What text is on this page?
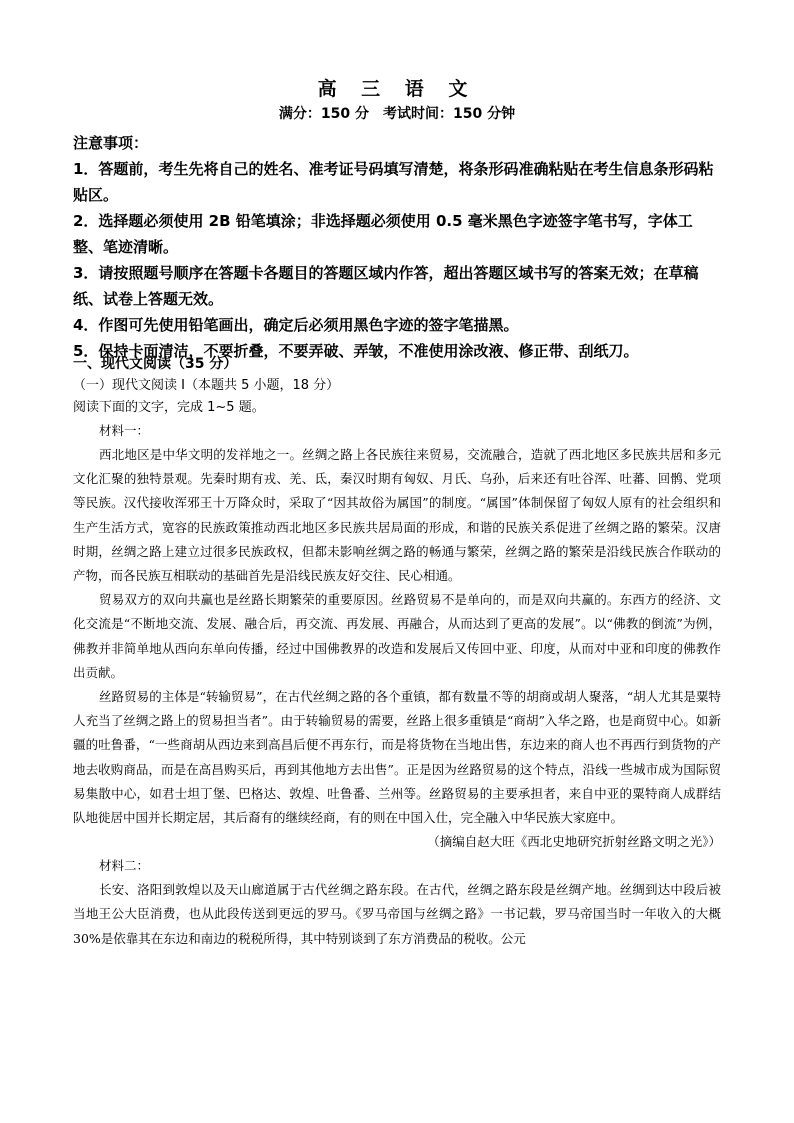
高 三 语 文
满分：150 分　考试时间：150 分钟

注意事项：

1．答题前，考生先将自己的姓名、准考证号码填写清楚，将条形码准确粘贴在考生信息条形码粘贴区。

2．选择题必须使用 2B 铅笔填涂；非选择题必须使用 0.5 毫米黑色字迹签字笔书写，字体工整、笔迹清晰。

3．请按照题号顺序在答题卡各题目的答题区域内作答，超出答题区域书写的答案无效；在草稿纸、试卷上答题无效。

4．作图可先使用铅笔画出，确定后必须用黑色字迹的签字笔描黑。

5．保持卡面清洁，不要折叠，不要弄破、弄皱，不准使用涂改液、修正带、刮纸刀。

一、现代文阅读（35 分）

（一）现代文阅读 I（本题共 5 小题，18 分）

阅读下面的文字，完成 1~5 题。

材料一：

西北地区是中华文明的发祥地之一。丝绸之路上各民族往来贸易，交流融合，造就了西北地区多民族共居和多元文化汇聚的独特景观。先秦时期有戎、羌、氐，秦汉时期有匈奴、月氏、乌孙，后来还有吐谷浑、吐蕃、回鹘、党项等民族。汉代接收浑邪王十万降众时，采取了“因其故俗为属国”的制度。“属国”体制保留了匈奴人原有的社会组织和生产生活方式，宽容的民族政策推动西北地区多民族共居局面的形成，和谐的民族关系促进了丝绸之路的繁荣。汉唐时期，丝绸之路上建立过很多民族政权，但都未影响丝绸之路的畅通与繁荣，丝绸之路的繁荣是沿线民族合作联动的产物，而各民族互相联动的基础首先是沿线民族友好交往、民心相通。

贸易双方的双向共赢也是丝路长期繁荣的重要原因。丝路贸易不是单向的，而是双向共赢的。东西方的经济、文化交流是“不断地交流、发展、融合后，再交流、再发展、再融合，从而达到了更高的发展”。以“佛教的倒流”为例，佛教并非简单地从西向东单向传播，经过中国佛教界的改造和发展后又传回中亚、印度，从而对中亚和印度的佛教作出贡献。

丝路贸易的主体是“转输贸易”，在古代丝绸之路的各个重镇，都有数量不等的胡商或胡人聚落，“胡人尤其是粟特人充当了丝绸之路上的贸易担当者”。由于转输贸易的需要，丝路上很多重镇是“商胡”入华之路，也是商贸中心。如新疆的吐鲁番，“一些商胡从西边来到高昌后便不再东行，而是将货物在当地出售，东边来的商人也不再西行到货物的产地去收购商品，而是在高昌购买后，再到其他地方去出售”。正是因为丝路贸易的这个特点，沿线一些城市成为国际贸易集散中心，如君士坦丁堡、巴格达、敦煌、吐鲁番、兰州等。丝路贸易的主要承担者，来自中亚的粟特商人成群结队地徙居中国并长期定居，其后裔有的继续经商，有的则在中国入仕，完全融入中华民族大家庭中。

（摘编自赵大旺《西北史地研究折射丝路文明之光》）

材料二：

长安、洛阳到敦煌以及天山廊道属于古代丝绸之路东段。在古代，丝绸之路东段是丝绸产地。丝绸到达中段后被当地王公大臣消费，也从此段传送到更远的罗马。《罗马帝国与丝绸之路》一书记载，罗马帝国当时一年收入的大概 30%是依靠其在东边和南边的税税所得，其中特别谈到了东方消费品的税收。公元
